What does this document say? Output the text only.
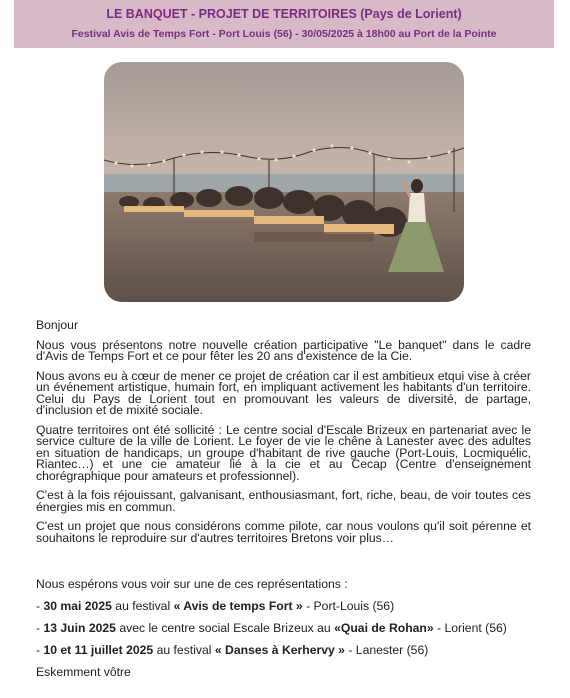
LE BANQUET - PROJET DE TERRITOIRES (Pays de Lorient)
Festival Avis de Temps Fort - Port Louis (56) - 30/05/2025 à 18h00 au Port de la Pointe

Bonjour

Nous vous présentons notre nouvelle création participative "Le banquet" dans le cadre d'Avis de Temps Fort et ce pour fêter les 20 ans d'existence de la Cie.

Nous avons eu à cœur de mener ce projet de création car il est ambitieux etqui vise à créer un événement artistique, humain fort, en impliquant activement les habitants d'un territoire. Celui du Pays de Lorient tout en promouvant les valeurs de diversité, de partage, d'inclusion et de mixité sociale.

Quatre territoires ont été sollicité : Le centre social d'Escale Brizeux en partenariat avec le service culture de la ville de Lorient. Le foyer de vie le chêne à Lanester avec des adultes en situation de handicaps, un groupe d'habitant de rive gauche (Port-Louis, Locmiquélic, Riantec…) et une cie amateur lié à la cie et au Cecap (Centre d'enseignement chorégraphique pour amateurs et professionnel).

C'est à la fois réjouissant, galvanisant, enthousiasmant, fort, riche, beau, de voir toutes ces énergies mis en commun.

C'est un projet que nous considérons comme pilote, car nous voulons qu'il soit pérenne et souhaitons le reproduire sur d'autres territoires Bretons voir plus…

Nous espérons vous voir sur une de ces représentations :

- 30 mai 2025 au festival « Avis de temps Fort » - Port-Louis (56)

- 13 Juin 2025 avec le centre social Escale Brizeux au «Quai de Rohan» - Lorient (56)

- 10 et 11 juillet 2025 au festival « Danses à Kerhervy » - Lanester (56)

Eskemment vôtre
